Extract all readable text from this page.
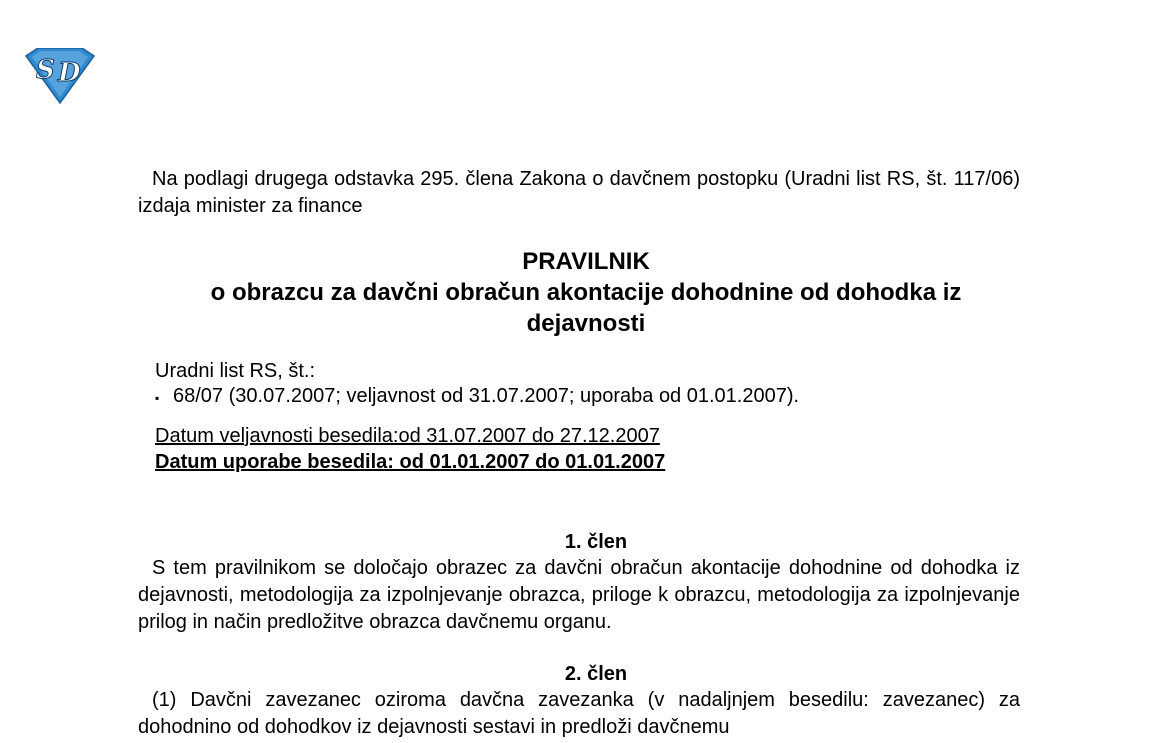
S D

Na podlagi drugega odstavka 295. člena Zakona o davčnem postopku (Uradni list RS, št. 117/06) izdaja minister za finance

PRAVILNIK
o obrazcu za davčni obračun akontacije dohodnine od dohodka iz dejavnosti
Uradni list RS, št.:
▪ 68/07 (30.07.2007; veljavnost od 31.07.2007; uporaba od 01.01.2007).
Datum veljavnosti besedila:od 31.07.2007 do 27.12.2007
Datum uporabe besedila: od 01.01.2007 do 01.01.2007
1. člen

S tem pravilnikom se določajo obrazec za davčni obračun akontacije dohodnine od dohodka iz dejavnosti, metodologija za izpolnjevanje obrazca, priloge k obrazcu, metodologija za izpolnjevanje prilog in način predložitve obrazca davčnemu organu.

2. člen

(1) Davčni zavezanec oziroma davčna zavezanka (v nadaljnjem besedilu: zavezanec) za dohodnino od dohodkov iz dejavnosti sestavi in predloži davčnemu
